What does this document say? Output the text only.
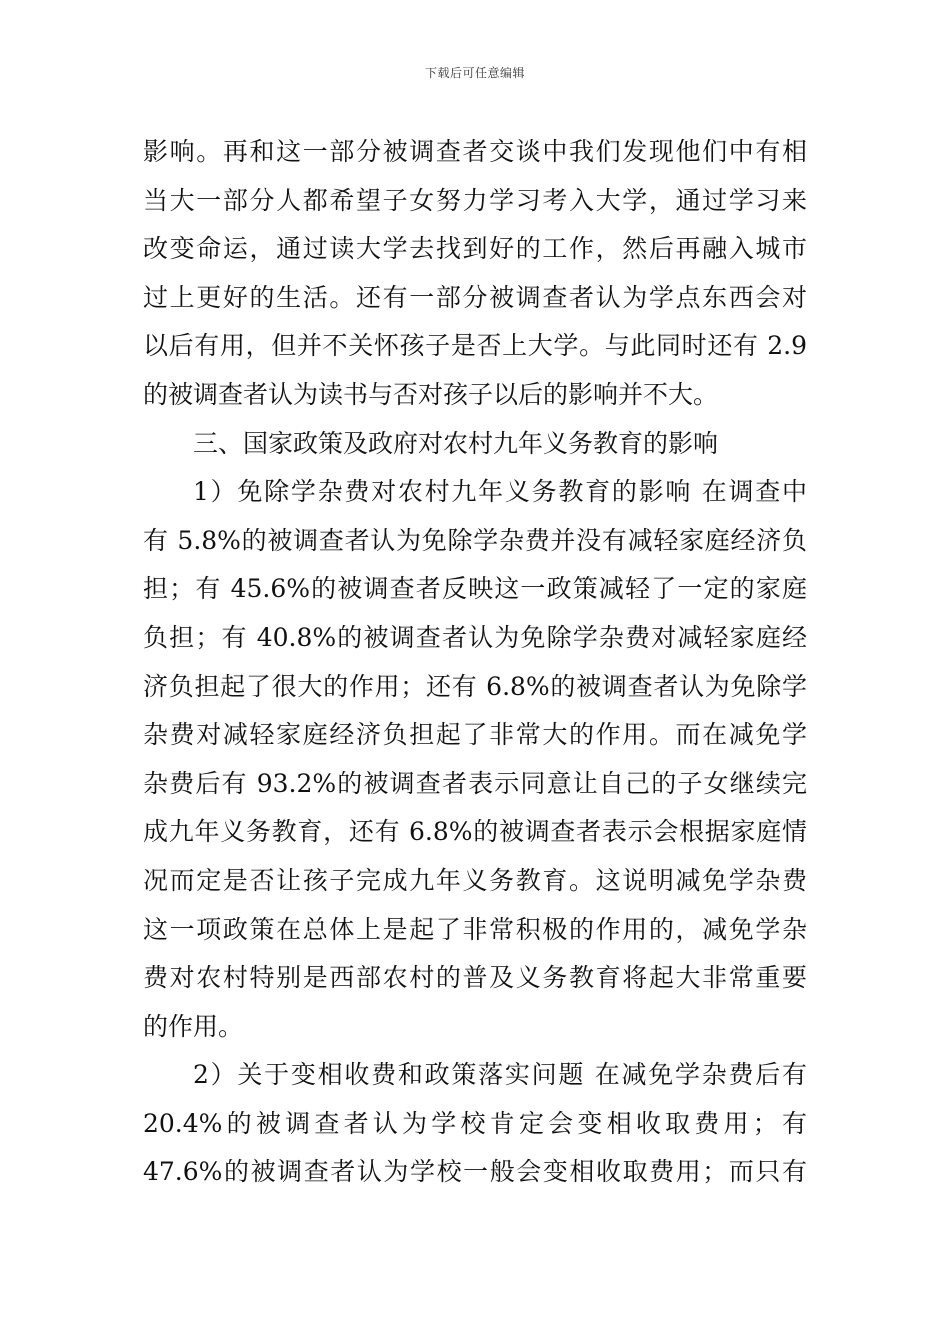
下载后可任意编辑
影响。再和这一部分被调查者交谈中我们发现他们中有相
当大一部分人都希望子女努力学习考入大学，通过学习来
改变命运，通过读大学去找到好的工作，然后再融入城市
过上更好的生活。还有一部分被调查者认为学点东西会对
以后有用，但并不关怀孩子是否上大学。与此同时还有 2.9
的被调查者认为读书与否对孩子以后的影响并不大。
三、国家政策及政府对农村九年义务教育的影响
1）免除学杂费对农村九年义务教育的影响 在调查中
有 5.8%的被调查者认为免除学杂费并没有减轻家庭经济负
担；有 45.6%的被调查者反映这一政策减轻了一定的家庭
负担；有 40.8%的被调查者认为免除学杂费对减轻家庭经
济负担起了很大的作用；还有 6.8%的被调查者认为免除学
杂费对减轻家庭经济负担起了非常大的作用。而在减免学
杂费后有 93.2%的被调查者表示同意让自己的子女继续完
成九年义务教育，还有 6.8%的被调查者表示会根据家庭情
况而定是否让孩子完成九年义务教育。这说明减免学杂费
这一项政策在总体上是起了非常积极的作用的，减免学杂
费对农村特别是西部农村的普及义务教育将起大非常重要
的作用。
2）关于变相收费和政策落实问题 在减免学杂费后有
20.4%的被调查者认为学校肯定会变相收取费用；有
47.6%的被调查者认为学校一般会变相收取费用；而只有
